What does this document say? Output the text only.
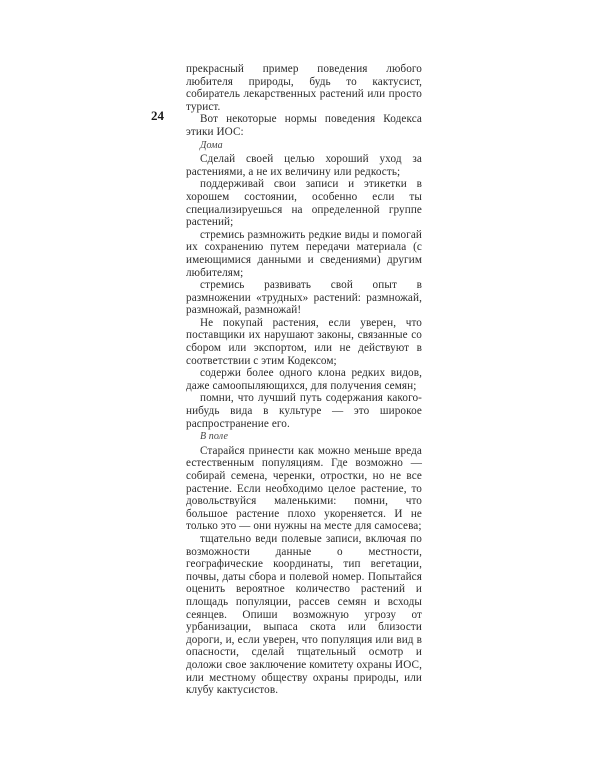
24

прекрасный пример поведения любого любителя природы, будь то кактусист, собиратель лекарственных растений или просто турист.

Вот некоторые нормы поведения Кодекса этики ИОС:

Дома

Сделай своей целью хороший уход за растениями, а не их величину или редкость;

поддерживай свои записи и этикетки в хорошем состоянии, особенно если ты специализируешься на определенной группе растений;

стремись размножить редкие виды и помогай их сохранению путем передачи материала (с имеющимися данными и сведениями) другим любителям;

стремись развивать свой опыт в размножении «трудных» растений: размножай, размножай, размножай!

Не покупай растения, если уверен, что поставщики их нарушают законы, связанные со сбором или экспортом, или не действуют в соответствии с этим Кодексом;

содержи более одного клона редких видов, даже самоопыляющихся, для получения семян;

помни, что лучший путь содержания какого-нибудь вида в культуре — это широкое распространение его.

В поле

Старайся принести как можно меньше вреда естественным популяциям. Где возможно — собирай семена, черенки, отростки, но не все растение. Если необходимо целое растение, то довольствуйся маленькими: помни, что большое растение плохо укореняется. И не только это — они нужны на месте для самосева;

тщательно веди полевые записи, включая по возможности данные о местности, географические координаты, тип вегетации, почвы, даты сбора и полевой номер. Попытайся оценить вероятное количество растений и площадь популяции, рассев семян и всходы сеянцев. Опиши возможную угрозу от урбанизации, выпаса скота или близости дороги, и, если уверен, что популяция или вид в опасности, сделай тщательный осмотр и доложи свое заключение комитету охраны ИОС, или местному обществу охраны природы, или клубу кактусистов.
